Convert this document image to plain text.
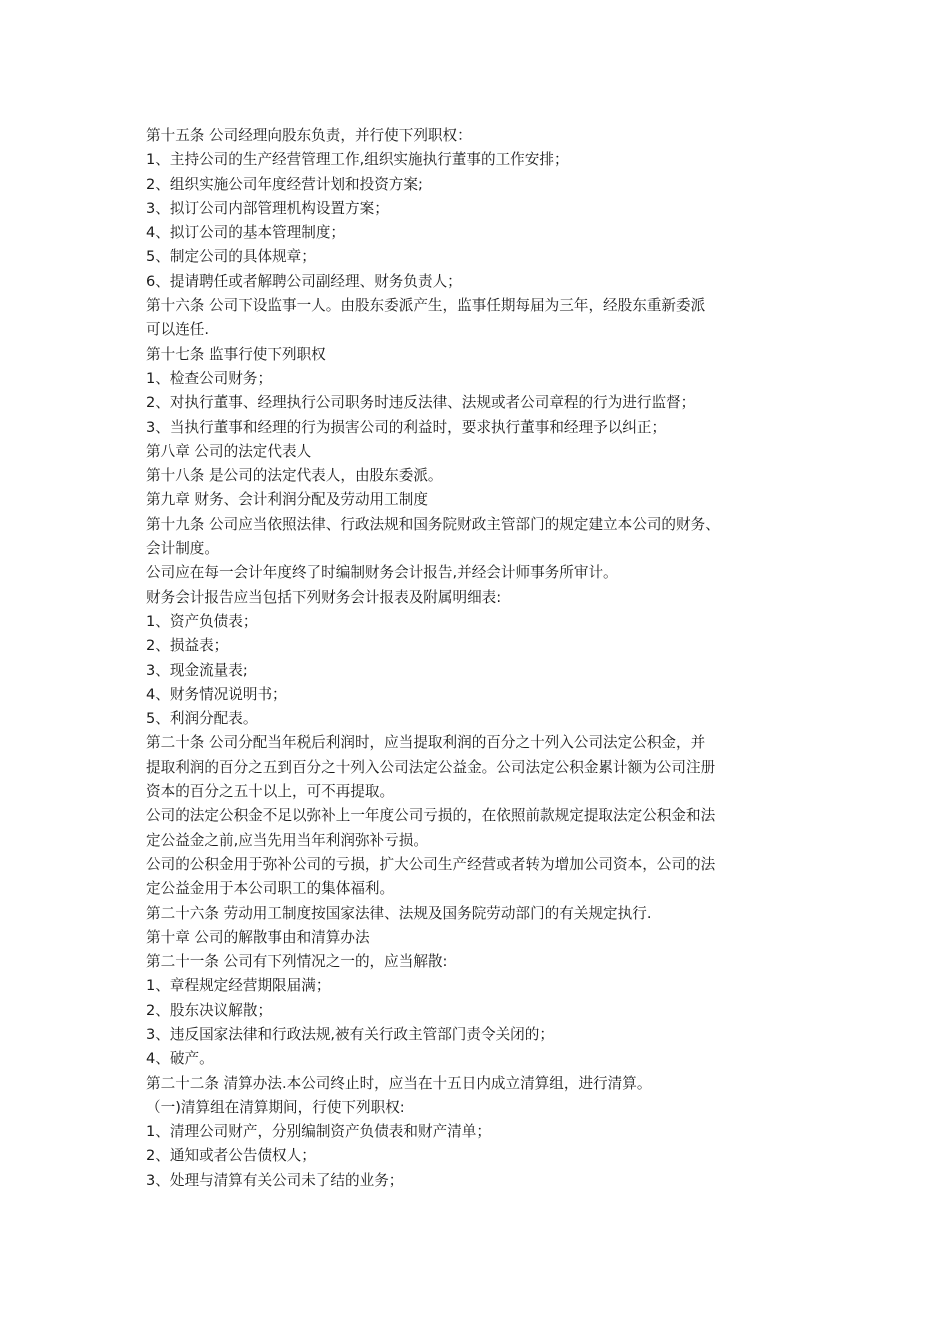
第十五条 公司经理向股东负责，并行使下列职权：
1、主持公司的生产经营管理工作,组织实施执行董事的工作安排；
2、组织实施公司年度经营计划和投资方案;
3、拟订公司内部管理机构设置方案；
4、拟订公司的基本管理制度；
5、制定公司的具体规章；
6、提请聘任或者解聘公司副经理、财务负责人；
第十六条 公司下设监事一人。由股东委派产生，监事任期每届为三年，经股东重新委派
可以连任.
第十七条 监事行使下列职权
1、检查公司财务；
2、对执行董事、经理执行公司职务时违反法律、法规或者公司章程的行为进行监督；
3、当执行董事和经理的行为损害公司的利益时，要求执行董事和经理予以纠正；
第八章 公司的法定代表人
第十八条 是公司的法定代表人，由股东委派。
第九章 财务、会计利润分配及劳动用工制度
第十九条 公司应当依照法律、行政法规和国务院财政主管部门的规定建立本公司的财务、
会计制度。
公司应在每一会计年度终了时编制财务会计报告,并经会计师事务所审计。
财务会计报告应当包括下列财务会计报表及附属明细表:
1、资产负债表；
2、损益表；
3、现金流量表;
4、财务情况说明书；
5、利润分配表。
第二十条 公司分配当年税后利润时，应当提取利润的百分之十列入公司法定公积金，并
提取利润的百分之五到百分之十列入公司法定公益金。公司法定公积金累计额为公司注册
资本的百分之五十以上，可不再提取。
公司的法定公积金不足以弥补上一年度公司亏损的，在依照前款规定提取法定公积金和法
定公益金之前,应当先用当年利润弥补亏损。
公司的公积金用于弥补公司的亏损，扩大公司生产经营或者转为增加公司资本，公司的法
定公益金用于本公司职工的集体福利。
第二十六条 劳动用工制度按国家法律、法规及国务院劳动部门的有关规定执行.
第十章 公司的解散事由和清算办法
第二十一条 公司有下列情况之一的，应当解散:
1、章程规定经营期限届满；
2、股东决议解散；
3、违反国家法律和行政法规,被有关行政主管部门责令关闭的；
4、破产。
第二十二条 清算办法.本公司终止时，应当在十五日内成立清算组，进行清算。
（一)清算组在清算期间，行使下列职权:
1、清理公司财产，分别编制资产负债表和财产清单；
2、通知或者公告债权人；
3、处理与清算有关公司未了结的业务；
